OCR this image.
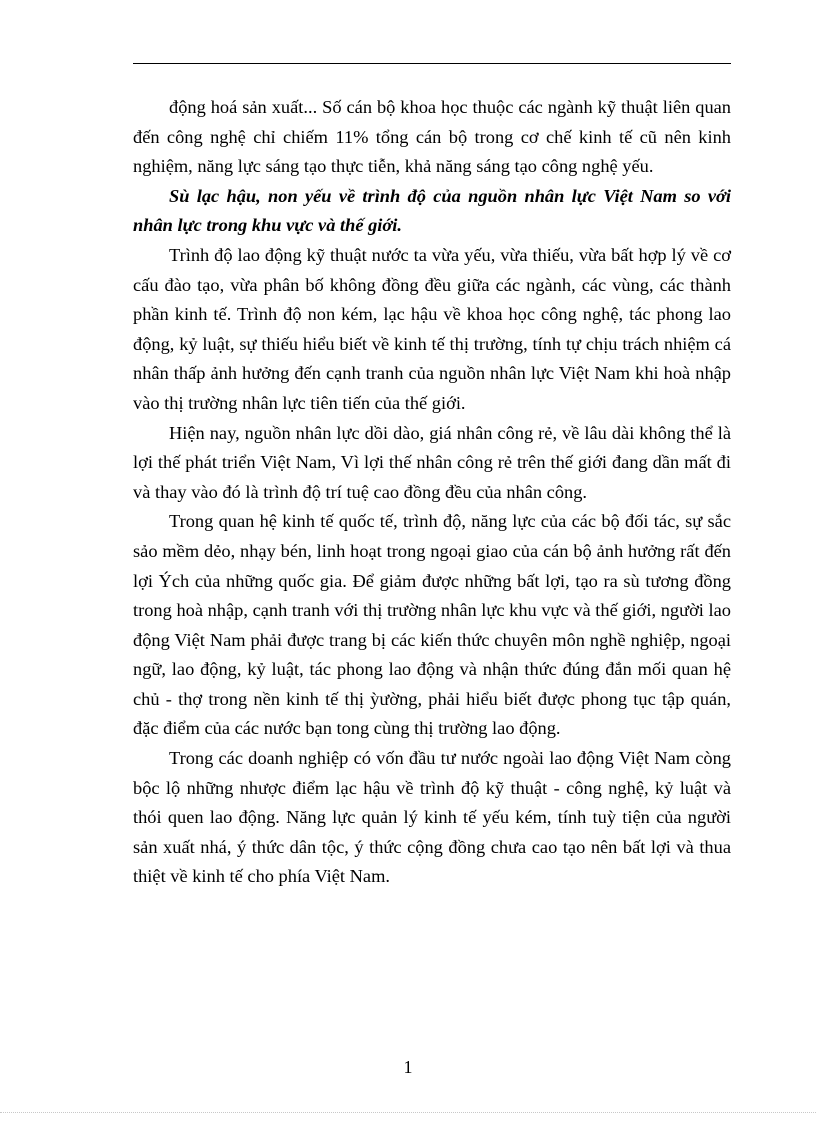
động hoá sản xuất... Số cán bộ khoa học thuộc các ngành kỹ thuật liên quan đến công nghệ chỉ chiếm 11% tổng cán bộ trong cơ chế kinh tế cũ nên kinh nghiệm, năng lực sáng tạo thực tiễn, khả năng sáng tạo công nghệ yếu.

Sù lạc hậu, non yếu về trình độ của nguồn nhân lực Việt Nam so với nhân lực trong khu vực và thế giới.

Trình độ lao động kỹ thuật nước ta vừa yếu, vừa thiếu, vừa bất hợp lý về cơ cấu đào tạo, vừa phân bố không đồng đều giữa các ngành, các vùng, các thành phần kinh tế. Trình độ non kém, lạc hậu về khoa học công nghệ, tác phong lao động, kỷ luật, sự thiếu hiểu biết về kinh tế thị trường, tính tự chịu trách nhiệm cá nhân thấp ảnh hưởng đến cạnh tranh của nguồn nhân lực Việt Nam khi hoà nhập vào thị trường nhân lực tiên tiến của thế giới.

Hiện nay, nguồn nhân lực dồi dào, giá nhân công rẻ, về lâu dài không thể là lợi thế phát triển Việt Nam, Vì lợi thế nhân công rẻ trên thế giới đang dần mất đi và thay vào đó là trình độ trí tuệ cao đồng đều của nhân công.

Trong quan hệ kinh tế quốc tế, trình độ, năng lực của các bộ đối tác, sự sắc sảo mềm dẻo, nhạy bén, linh hoạt trong ngoại giao của cán bộ ảnh hưởng rất đến lợi Ých của những quốc gia. Để giảm được những bất lợi, tạo ra sù tương đồng trong hoà nhập, cạnh tranh với thị trường nhân lực khu vực và thế giới, người lao động Việt Nam phải được trang bị các kiến thức chuyên môn nghề nghiệp, ngoại ngữ, lao động, kỷ luật, tác phong lao động và nhận thức đúng đắn mối quan hệ chủ - thợ trong nền kinh tế thị ỳường, phải hiểu biết được phong tục tập quán, đặc điểm của các nước bạn tong cùng thị trường lao động.

Trong các doanh nghiệp có vốn đầu tư nước ngoài lao động Việt Nam còng bộc lộ những nhược điểm lạc hậu về trình độ kỹ thuật - công nghệ, kỷ luật và thói quen lao động. Năng lực quản lý kinh tế yếu kém, tính tuỳ tiện của người sản xuất nhá, ý thức dân tộc, ý thức cộng đồng chưa cao tạo nên bất lợi và thua thiệt về kinh tế cho phía Việt Nam.

1
